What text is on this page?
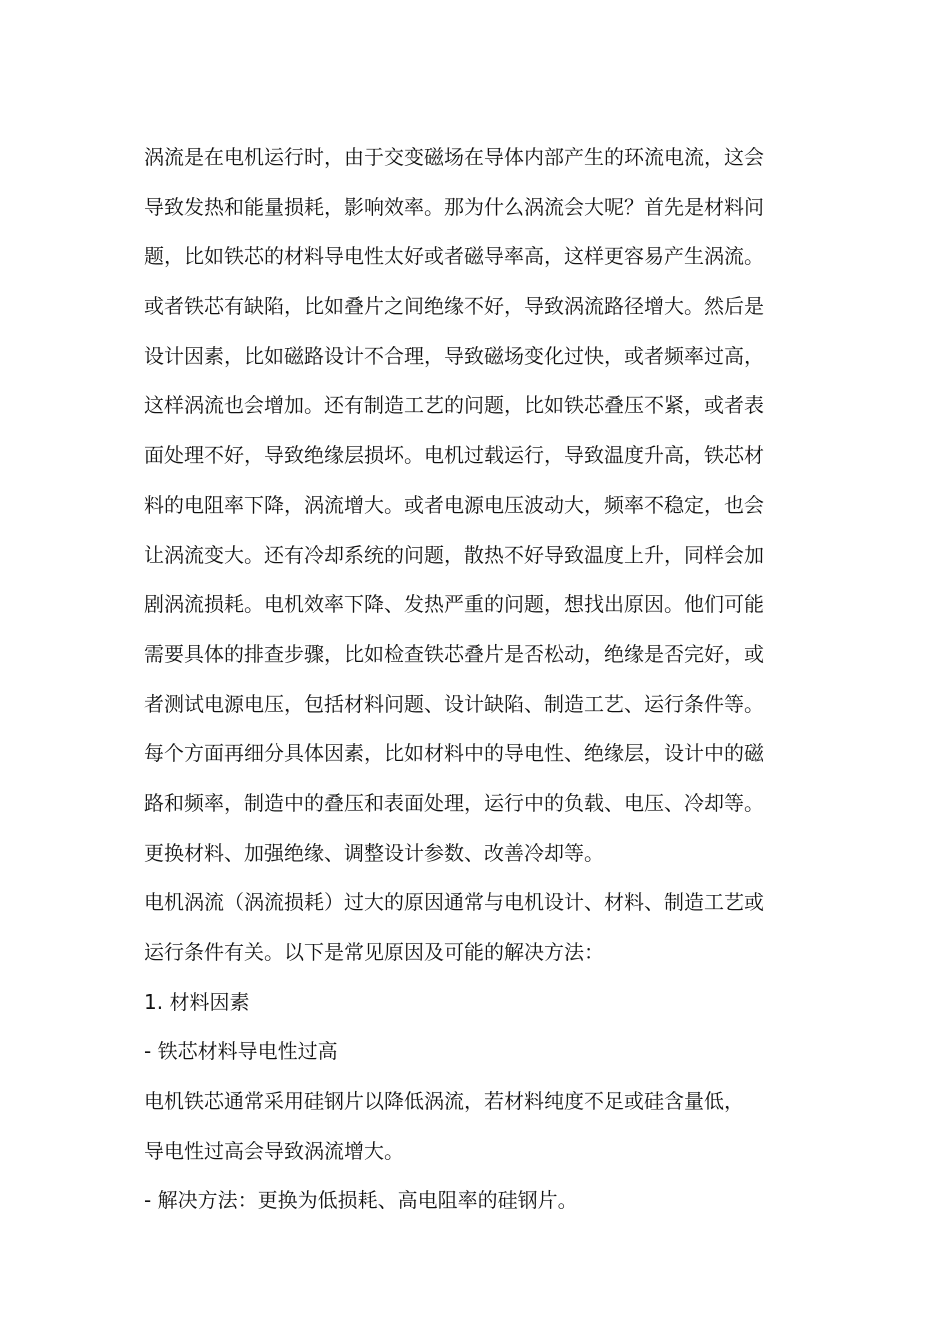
涡流是在电机运行时，由于交变磁场在导体内部产生的环流电流，这会
导致发热和能量损耗，影响效率。那为什么涡流会大呢？首先是材料问
题，比如铁芯的材料导电性太好或者磁导率高，这样更容易产生涡流。
或者铁芯有缺陷，比如叠片之间绝缘不好，导致涡流路径增大。然后是
设计因素，比如磁路设计不合理，导致磁场变化过快，或者频率过高，
这样涡流也会增加。还有制造工艺的问题，比如铁芯叠压不紧，或者表
面处理不好，导致绝缘层损坏。电机过载运行，导致温度升高，铁芯材
料的电阻率下降，涡流增大。或者电源电压波动大，频率不稳定，也会
让涡流变大。还有冷却系统的问题，散热不好导致温度上升，同样会加
剧涡流损耗。电机效率下降、发热严重的问题，想找出原因。他们可能
需要具体的排查步骤，比如检查铁芯叠片是否松动，绝缘是否完好，或
者测试电源电压，包括材料问题、设计缺陷、制造工艺、运行条件等。
每个方面再细分具体因素，比如材料中的导电性、绝缘层，设计中的磁
路和频率，制造中的叠压和表面处理，运行中的负载、电压、冷却等。
更换材料、加强绝缘、调整设计参数、改善冷却等。
电机涡流（涡流损耗）过大的原因通常与电机设计、材料、制造工艺或
运行条件有关。以下是常见原因及可能的解决方法：
1. 材料因素
- 铁芯材料导电性过高
电机铁芯通常采用硅钢片以降低涡流，若材料纯度不足或硅含量低，
导电性过高会导致涡流增大。
- 解决方法：更换为低损耗、高电阻率的硅钢片。
